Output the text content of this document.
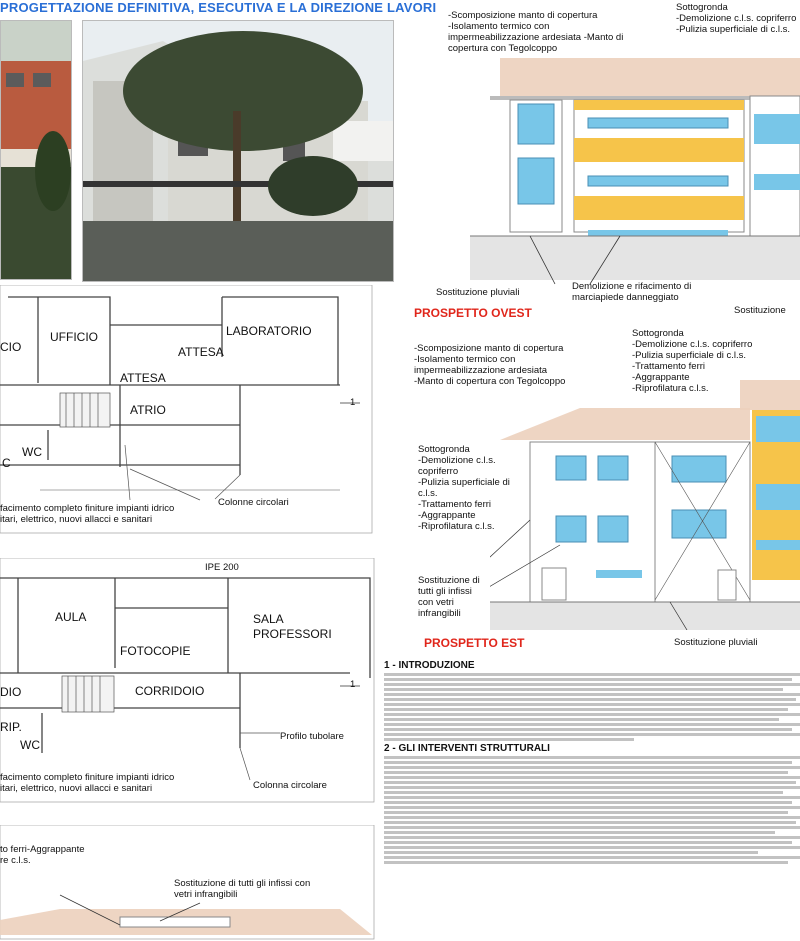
PROGETTAZIONE DEFINITIVA, ESECUTIVA E LA DIREZIONE LAVORI
-Scomposizione manto di copertura
-Isolamento termico con
impermeabilizzazione ardesiata -Manto di
copertura con Tegolcoppo
Sottogronda
-Demolizione c.l.s. copriferro
-Pulizia superficiale di c.l.s.
Sostituzione pluviali
Demolizione e rifacimento di
marciapiede danneggiato
Sostituzione
PROSPETTO OVEST
-Scomposizione manto di copertura
-Isolamento termico con
impermeabilizzazione ardesiata
-Manto di copertura con Tegolcoppo
Sottogronda
-Demolizione c.l.s. copriferro
-Pulizia superficiale di c.l.s.
-Trattamento ferri
-Aggrappante
-Riprofilatura c.l.s.
Sottogronda
-Demolizione c.l.s.
copriferro
-Pulizia superficiale di
c.l.s.
-Trattamento ferri
-Aggrappante
-Riprofilatura c.l.s.
Sostituzione di
tutti gli infissi
con vetri
infrangibili
Sostituzione pluviali
PROSPETTO EST
CIO
UFFICIO	LABORATORIO
ATTESA
ATTESA
ATRIO
WC
C
1
facimento completo finiture impianti idrico
itari, elettrico, nuovi allacci e sanitari
Colonne circolari
IPE 200
AULA
FOTOCOPIE
SALA
PROFESSORI
DIO	CORRIDOIO
RIP.
WC
1
Profilo tubolare
facimento completo finiture impianti idrico
itari, elettrico, nuovi allacci e sanitari	Colonna circolare
to ferri-Aggrappante
re c.l.s.
Sostituzione di tutti gli infissi con
vetri infrangibili
1 - INTRODUZIONE
2 - GLI INTERVENTI STRUTTURALI
